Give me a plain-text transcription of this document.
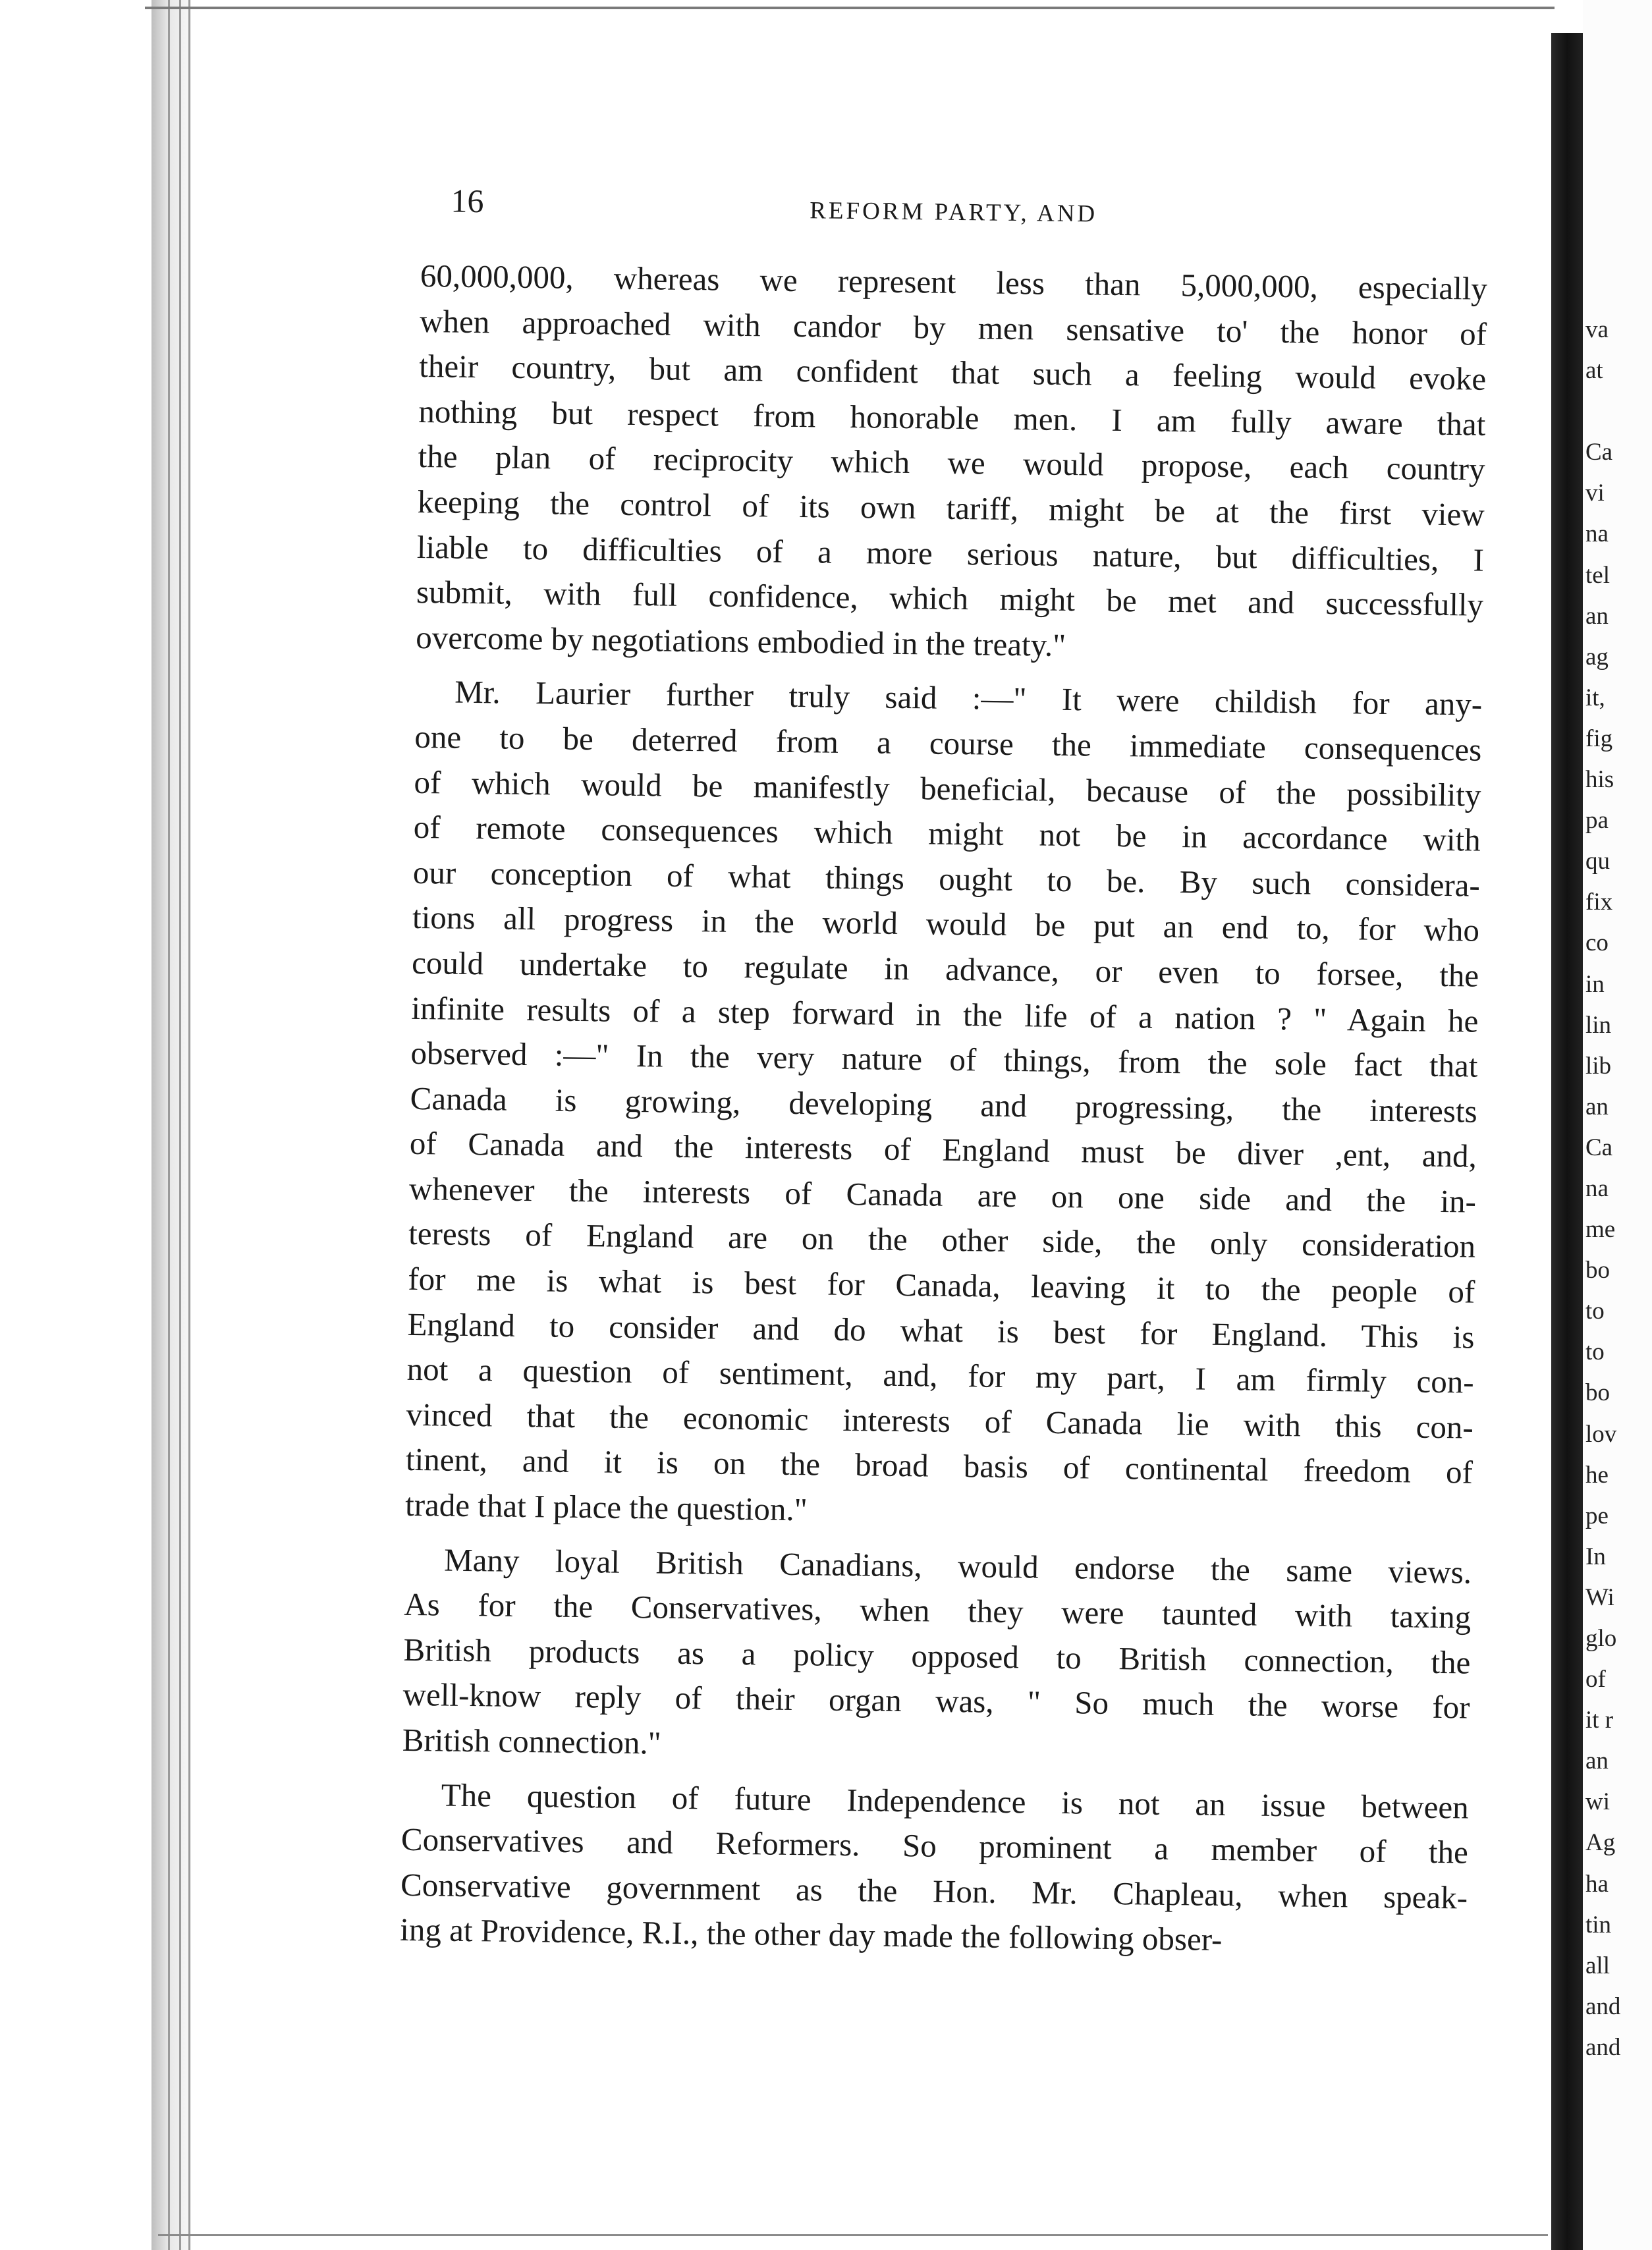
va
at

Ca
vi
na
tel
an
ag
it,
fig
his
pa
qu
fix
co
in
lin
lib
an
Ca
na
me
bo
to
to
bo
lov
he
pe
In
Wi
glo
of
it r
an
wi
Ag
ha
tin
all
and
and
16	REFORM PARTY, AND
60,000,000, whereas we represent less than 5,000,000, especially
when approached with candor by men sensative to' the honor of
their country, but am confident that such a feeling would evoke
nothing but respect from honorable men. I am fully aware that
the plan of reciprocity which we would propose, each country
keeping the control of its own tariff, might be at the first view
liable to difficulties of a more serious nature, but difficulties, I
submit, with full confidence, which might be met and successfully
overcome by negotiations embodied in the treaty."
Mr. Laurier further truly said :—" It were childish for any-
one to be deterred from a course the immediate consequences
of which would be manifestly beneficial, because of the possibility
of remote consequences which might not be in accordance with
our conception of what things ought to be. By such considera-
tions all progress in the world would be put an end to, for who
could undertake to regulate in advance, or even to forsee, the
infinite results of a step forward in the life of a nation ? " Again he
observed :—" In the very nature of things, from the sole fact that
Canada is growing, developing and progressing, the interests
of Canada and the interests of England must be diver ,ent, and,
whenever the interests of Canada are on one side and the in-
terests of England are on the other side, the only consideration
for me is what is best for Canada, leaving it to the people of
England to consider and do what is best for England. This is
not a question of sentiment, and, for my part, I am firmly con-
vinced that the economic interests of Canada lie with this con-
tinent, and it is on the broad basis of continental freedom of
trade that I place the question."
Many loyal British Canadians, would endorse the same views.
As for the Conservatives, when they were taunted with taxing
British products as a policy opposed to British connection, the
well-know reply of their organ was, " So much the worse for
British connection."
The question of future Independence is not an issue between
Conservatives and Reformers. So prominent a member of the
Conservative government as the Hon. Mr. Chapleau, when speak-
ing at Providence, R.I., the other day made the following obser-
